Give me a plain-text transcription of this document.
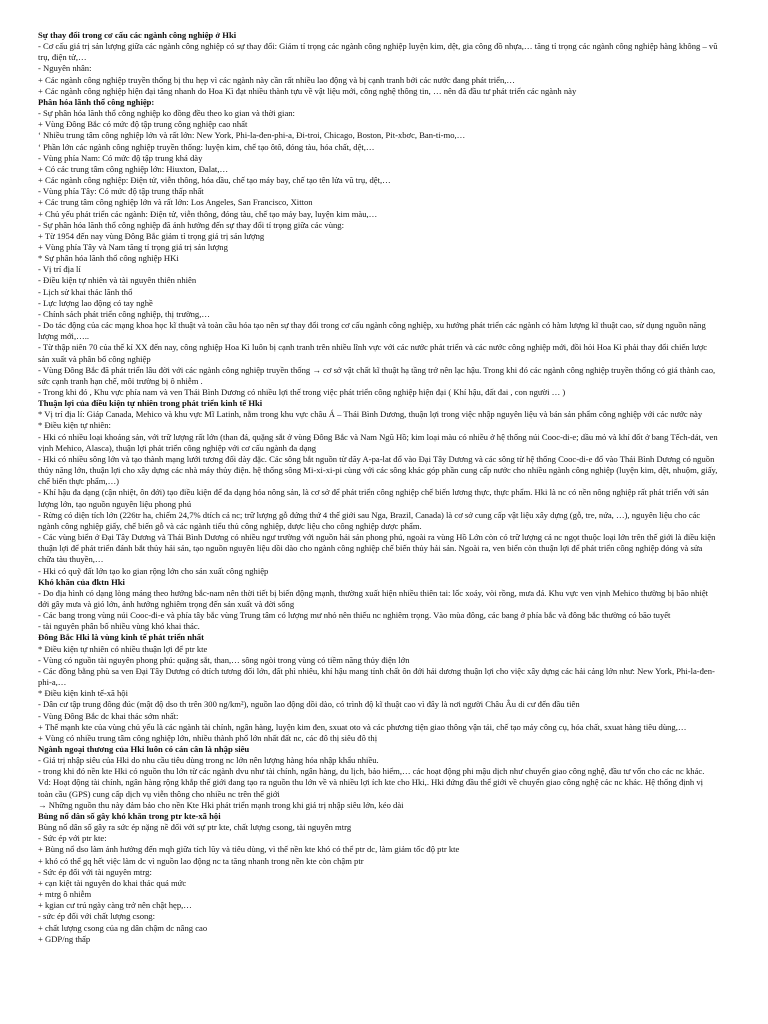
Sự thay đổi trong cơ cấu các ngành công nghiệp ở Hki
- Cơ cấu giá trị sản lượng giữa các ngành công nghiệp có sự thay đổi: Giảm tỉ trọng các ngành công nghiệp luyện kim, dệt, gia công đồ nhựa,… tăng tỉ trọng các ngành công nghiệp hàng không – vũ trụ, điện tử,…
- Nguyên nhân:
+ Các ngành công nghiệp truyền thống bị thu hẹp vì các ngành này cần rất nhiều lao động và bị cạnh tranh bởi các nước đang phát triển,…
+ Các ngành công nghiệp hiện đại tăng nhanh do Hoa Kì đạt nhiều thành tựu về vật liệu mới, công nghệ thông tin, … nên đã đầu tư phát triển các ngành này
Phân hóa lãnh thổ công nghiệp:
- Sự phân hóa lãnh thổ công nghiệp ko đồng đều theo ko gian và thời gian:
+ Vùng Đông Bắc có mức độ tập trung công nghiệp cao nhất
ʻ Nhiều trung tâm công nghiệp lớn và rất lớn: New York, Phi-la-đen-phi-a, Đi-troi, Chicago, Boston, Pit-xbơc, Ban-ti-mo,…
ʻ Phần lớn các ngành công nghiệp truyền thống: luyện kim, chế tạo ôtô, đóng tàu, hóa chất, dệt,…
- Vùng phía Nam: Có mức độ tập trung khá dày
+ Có các trung tâm công nghiệp lớn: Hiuxton, Đalat,…
+ Các ngành công nghiệp: Điện tử, viễn thông, hóa dầu, chế tạo máy bay, chế tạo tên lửa vũ trụ, dệt,…
- Vùng phía Tây: Có mức độ tập trung thấp nhất
+ Các trung tâm công nghiệp lớn và rất lớn: Los Angeles, San Francisco, Xitton
+ Chủ yếu phát triển các ngành: Điện tử, viễn thông, đóng tàu, chế tạo máy bay, luyện kim màu,…
- Sự phân hóa lãnh thổ công nghiệp đã ảnh hưởng đến sự thay đổi tỉ trọng giữa các vùng:
+ Từ 1954 đến nay vùng Đông Bắc giảm tỉ trọng giá trị sản lượng
+ Vùng phía Tây và Nam tăng tỉ trọng giá trị sản lượng
* Sự phân hóa lãnh thổ công nghiệp HKi
- Vị trí địa lí
- Điều kiện tự nhiên và tài nguyên thiên nhiên
- Lịch sử khai thác lãnh thổ
- Lực lượng lao động có tay nghề
- Chính sách phát triển công nghiệp, thị trường,…
- Do tác động của các mạng khoa học kĩ thuật và toàn cầu hóa tạo nên sự thay đổi trong cơ cấu ngành công nghiệp, xu hướng phát triển các ngành có hàm lượng kĩ thuật cao, sử dụng nguồn năng lượng mới,…..
- Từ thập niên 70 của thế kỉ XX đến nay, công nghiệp Hoa Kì luôn bị cạnh tranh trên nhiều lĩnh vực với các nước phát triển và các nước công nghiệp mới, đồi hỏi Hoa Kì phải thay đổi chiến lược sản xuất và phân bố công nghiệp
- Vùng Đông Bắc đã phát triển lâu đời với các ngành công nghiệp truyền thống → cơ sở vật chất kĩ thuật hạ tầng trở nên lạc hậu. Trong khi đó các ngành công nghiệp truyền thống có giá thành cao, sức cạnh tranh hạn chế, môi trường bị ô nhiễm .
- Trong khi đó , Khu vực phía nam và ven Thái Bình Dương có nhiều lợi thế trong việc phát triển công nghiệp hiện đại ( Khí hậu, đất đai , con người … )
Thuận lợi của điều kiện tự nhiên trong phát triển kinh tế Hki
* Vị trí địa lí: Giáp Canada, Mehico và khu vực Mĩ Latinh, nằm trong khu vực châu Á – Thái Bình Dương, thuận lợi trong việc nhập nguyên liệu và bán sản phẩm công nghiệp với các nước này
* Điều kiện tự nhiên:
- Hki có nhiều loại khoáng sản, với trữ lượng rất lớn (than đá, quặng sắt ở vùng Đông Bắc và Nam Ngũ Hồ; kim loại màu có nhiều ở hệ thống núi Cooc-di-e; dầu mỏ và khí đốt ở bang Tếch-dát, ven vịnh Mehico, Alasca), thuận lợi phát triển công nghiệp với cơ cấu ngành đa dạng
- Hki có nhiều sông lớn và tạo thành mạng lưới tương đối dày đặc. Các sông bắt nguồn từ dãy A-pa-lat đổ vào Đại Tây Dương và các sông từ hệ thống Cooc-di-e đổ vào Thái Bình Dương có nguồn thủy năng lớn, thuận lợi cho xây dựng các nhà máy thủy điện. hệ thống sông Mi-xi-xi-pi cùng với các sông khác góp phần cung cấp nước cho nhiều ngành công nghiệp (luyện kim, dệt, nhuộm, giấy, chế biến thực phẩm,…)
- Khí hậu đa dạng (cận nhiệt, ôn đới) tạo điều kiện để đa dạng hóa nông sản, là cơ sở để phát triển công nghiệp chế biến lương thực, thực phẩm. Hki là nc có nền nông nghiệp rất phát triển với sản lượng lớn, tạo nguồn nguyên liệu phong phú
- Rừng có diện tích lớn (226tr ha, chiếm 24,7% dtích cả nc; trữ lượng gỗ đứng thứ 4 thế giới sau Nga, Brazil, Canada) là cơ sở cung cấp vật liệu xây dựng (gỗ, tre, nứa, …), nguyên liệu cho các ngành công nghiệp giấy, chế biến gỗ và các ngành tiểu thủ công nghiệp, dược liệu cho công nghiệp dược phẩm.
- Các vùng biển ở Đại Tây Dương và Thái Bình Dương có nhiều ngư trường với nguồn hải sản phong phú, ngoài ra vùng Hồ Lớn còn có trữ lượng cá nc ngọt thuộc loại lớn trên thế giới là điều kiện thuận lợi để phát triển đánh bắt thủy hải sản, tạo nguồn nguyên liệu dồi dào cho ngành công nghiệp chế biến thủy hải sản. Ngoài ra, ven biển còn thuận lợi để phát triển công nghiệp đóng và sửa chữa tàu thuyền,…
- Hki có quỹ đất lớn tạo ko gian rộng lớn cho sản xuất công nghiệp
Khó khăn của đktn Hki
- Do địa hình có dạng lòng máng theo hướng bắc-nam nên thời tiết bị biến động mạnh, thường xuất hiện nhiều thiên tai: lốc xoáy, vòi rồng, mưa đá. Khu vực ven vịnh Mehico thường bị bão nhiệt đới gây mưa và gió lớn, ảnh hưởng nghiêm trọng đến sản xuất và đời sống
- Các bang trong vùng núi Cooc-đi-e và phía tây bắc vùng Trung tâm có lượng mư nhỏ nên thiếu nc nghiêm trọng. Vào mùa đông, các bang ở phía bắc và đông bắc thường có bão tuyết
- tài nguyên phân bố nhiều vùng khó khai thác.
Đông Bắc Hki là vùng kinh tế phát triển nhất
* Điều kiện tự nhiên có nhiều thuận lợi để ptr kte
- Vùng có nguồn tài nguyên phong phú: quặng sắt, than,… sông ngòi trong vùng có tiềm năng thủy điện lớn
- Các đồng bằng phù sa ven Đại Tây Dương có dtích tương đối lớn, đất phì nhiêu, khí hậu mang tính chất ôn đới hải dương thuận lợi cho việc xây dựng các hải cảng lớn như: New York, Phi-la-đen-phi-a,…
* Điều kiện kinh tế-xã hội
- Dân cư tập trung đông đúc (mật độ dso th trên 300 ng/km²), nguồn lao động dồi dào, có trình độ kĩ thuật cao vì đây là nơi người Châu Âu di cư đến đầu tiên
- Vùng Đông Bắc dc khai thác sớm nhất:
+ Thế mạnh kte của vùng chủ yếu là các ngành tài chính, ngân hàng, luyện kim đen, sxuat oto và các phương tiện giao thông vận tải, chế tạo máy công cụ, hóa chất, sxuat hàng tiêu dùng,…
+ Vùng có nhiều trung tâm công nghiệp lớn, nhiều thành phố lớn nhất đất nc, các đô thị siêu đô thị
Ngành ngoại thương của Hki luôn có cán cân là nhập siêu
- Giá trị nhập siêu của Hki do nhu cầu tiêu dùng trong nc lớn nên lượng hàng hóa nhập khẩu nhiều.
- trong khi đó nền kte Hki có nguồn thu lớn từ các ngành dvu như tài chính, ngân hàng, du lịch, bảo hiểm,… các hoạt động phi mậu dịch như chuyển giao công nghệ, đầu tư vốn cho các nc khác. Vd: Hoạt động tài chính, ngân hàng rộng khắp thế giới đang tạo ra nguồn thu lớn về và nhiều lợi ích kte cho Hki,. Hki đứng đầu thế giới về chuyển giao công nghệ các nc khác. Hệ thống định vị toàn cầu (GPS) cung cấp dịch vụ viễn thông cho nhiều nc trên thế giới
→ Những nguồn thu này đảm bảo cho nền Kte Hki phát triển mạnh trong khi giá trị nhập siêu lớn, kéo dài
Bùng nổ dân số gây khó khăn trong ptr kte-xã hội
Bùng nổ dân số gây ra sức ép nặng nề đối với sự ptr kte, chất lượng csong, tài nguyên mtrg
- Sức ép với ptr kte:
+ Bùng nổ dso làm ảnh hưởng đến mqh giữa tích lũy và tiêu dùng, vì thế nền kte khó có thể ptr dc, làm giảm tốc độ ptr kte
+ khó có thể gq hết việc làm dc vì nguồn lao động nc ta tăng nhanh trong nền kte còn chậm ptr
- Sức ép đối với tài nguyên mtrg:
+ cạn kiệt tài nguyên do khai thác quá mức
+ mtrg ô nhiễm
+ kgian cư trú ngày càng trở nên chật hẹp,…
- sức ép đối với chất lượng csong:
+ chất lượng csong của ng dân chậm dc nâng cao
+ GDP/ng thấp
